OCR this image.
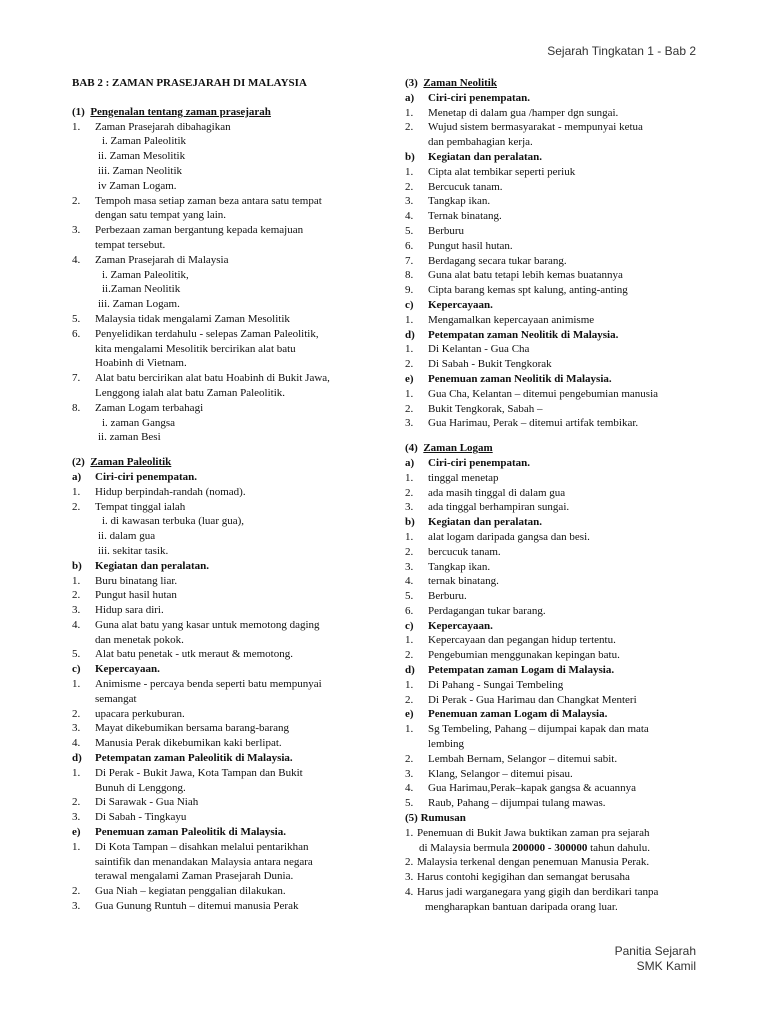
Sejarah Tingkatan 1 - Bab 2
BAB 2 : ZAMAN PRASEJARAH DI MALAYSIA
(1) Pengenalan tentang zaman prasejarah
1.	Zaman Prasejarah dibahagikan
i. Zaman Paleolitik
ii. Zaman Mesolitik
iii. Zaman Neolitik
iv Zaman Logam.
2.	Tempoh masa setiap zaman beza antara satu tempat
dengan satu tempat yang lain.
3.	Perbezaan zaman bergantung kepada kemajuan
tempat tersebut.
4.	Zaman Prasejarah di Malaysia
i. Zaman Paleolitik,
ii.Zaman Neolitik
iii. Zaman Logam.
5.	Malaysia tidak mengalami Zaman Mesolitik
6.	Penyelidikan terdahulu - selepas Zaman Paleolitik,
kita mengalami Mesolitik bercirikan alat batu
Hoabinh di Vietnam.
7.	Alat batu bercirikan alat batu Hoabinh di Bukit Jawa,
Lenggong ialah alat batu Zaman Paleolitik.
8.	Zaman Logam terbahagi
i. zaman Gangsa
ii. zaman Besi
(2) Zaman Paleolitik
a)	Ciri-ciri penempatan.
1.	Hidup berpindah-randah (nomad).
2.	Tempat tinggal ialah
i. di kawasan terbuka (luar gua),
ii. dalam gua
iii. sekitar tasik.
b)	Kegiatan dan peralatan.
1.	Buru binatang liar.
2.	Pungut hasil hutan
3.	Hidup sara diri.
4.	Guna alat batu yang kasar untuk memotong daging
dan menetak pokok.
5.	Alat batu penetak - utk meraut & memotong.
c)	Kepercayaan.
1.	Animisme - percaya benda seperti batu mempunyai
semangat
2.	upacara perkuburan.
3.	Mayat dikebumikan bersama barang-barang
4.	Manusia Perak dikebumikan kaki berlipat.
d)	Petempatan zaman Paleolitik di Malaysia.
1.	Di Perak - Bukit Jawa, Kota Tampan dan Bukit
Bunuh di Lenggong.
2.	Di Sarawak - Gua Niah
3.	Di Sabah - Tingkayu
e)	Penemuan zaman Paleolitik di Malaysia.
1.	Di Kota Tampan – disahkan melalui pentarikhan
saintifik dan menandakan Malaysia antara negara
terawal mengalami Zaman Prasejarah Dunia.
2.	Gua Niah – kegiatan penggalian dilakukan.
3.	Gua Gunung Runtuh – ditemui manusia Perak
(3) Zaman Neolitik
a)	Ciri-ciri penempatan.
1.	Menetap di dalam gua /hamper dgn sungai.
2.	Wujud sistem bermasyarakat - mempunyai ketua
dan pembahagian kerja.
b)	Kegiatan dan peralatan.
1.	Cipta alat tembikar seperti periuk
2.	Bercucuk tanam.
3.	Tangkap ikan.
4.	Ternak binatang.
5.	Berburu
6.	Pungut hasil hutan.
7.	Berdagang secara tukar barang.
8.	Guna alat batu tetapi lebih kemas buatannya
9.	Cipta barang kemas spt kalung, anting-anting
c)	Kepercayaan.
1.	Mengamalkan kepercayaan animisme
d)	Petempatan zaman Neolitik di Malaysia.
1.	Di Kelantan - Gua Cha
2.	Di Sabah - Bukit Tengkorak
e)	Penemuan zaman Neolitik di Malaysia.
1.	Gua Cha, Kelantan – ditemui pengebumian manusia
2.	Bukit Tengkorak, Sabah –
3.	Gua Harimau, Perak – ditemui artifak tembikar.
(4) Zaman Logam
a)	Ciri-ciri penempatan.
1.	tinggal menetap
2.	ada masih tinggal di dalam gua
3.	ada tinggal berhampiran sungai.
b)	Kegiatan dan peralatan.
1.	alat logam daripada gangsa dan besi.
2.	bercucuk tanam.
3.	Tangkap ikan.
4.	ternak binatang.
5.	Berburu.
6.	Perdagangan tukar barang.
c)	Kepercayaan.
1.	Kepercayaan dan pegangan hidup tertentu.
2.	Pengebumian menggunakan kepingan batu.
d)	Petempatan zaman Logam di Malaysia.
1.	Di Pahang - Sungai Tembeling
2.	Di Perak - Gua Harimau dan Changkat Menteri
e)	Penemuan zaman Logam di Malaysia.
1.	Sg Tembeling, Pahang – dijumpai kapak dan mata
lembing
2.	Lembah Bernam, Selangor – ditemui sabit.
3.	Klang, Selangor – ditemui pisau.
4.	Gua Harimau,Perak–kapak gangsa & acuannya
5.	Raub, Pahang – dijumpai tulang mawas.
(5) Rumusan
1. Penemuan di Bukit Jawa buktikan zaman pra sejarah
di Malaysia bermula 200000 - 300000 tahun dahulu.
2. Malaysia terkenal dengan penemuan Manusia Perak.
3. Harus contohi kegigihan dan semangat berusaha
4. Harus jadi warganegara yang gigih dan berdikari tanpa
mengharapkan bantuan daripada orang luar.
Panitia Sejarah
SMK Kamil
